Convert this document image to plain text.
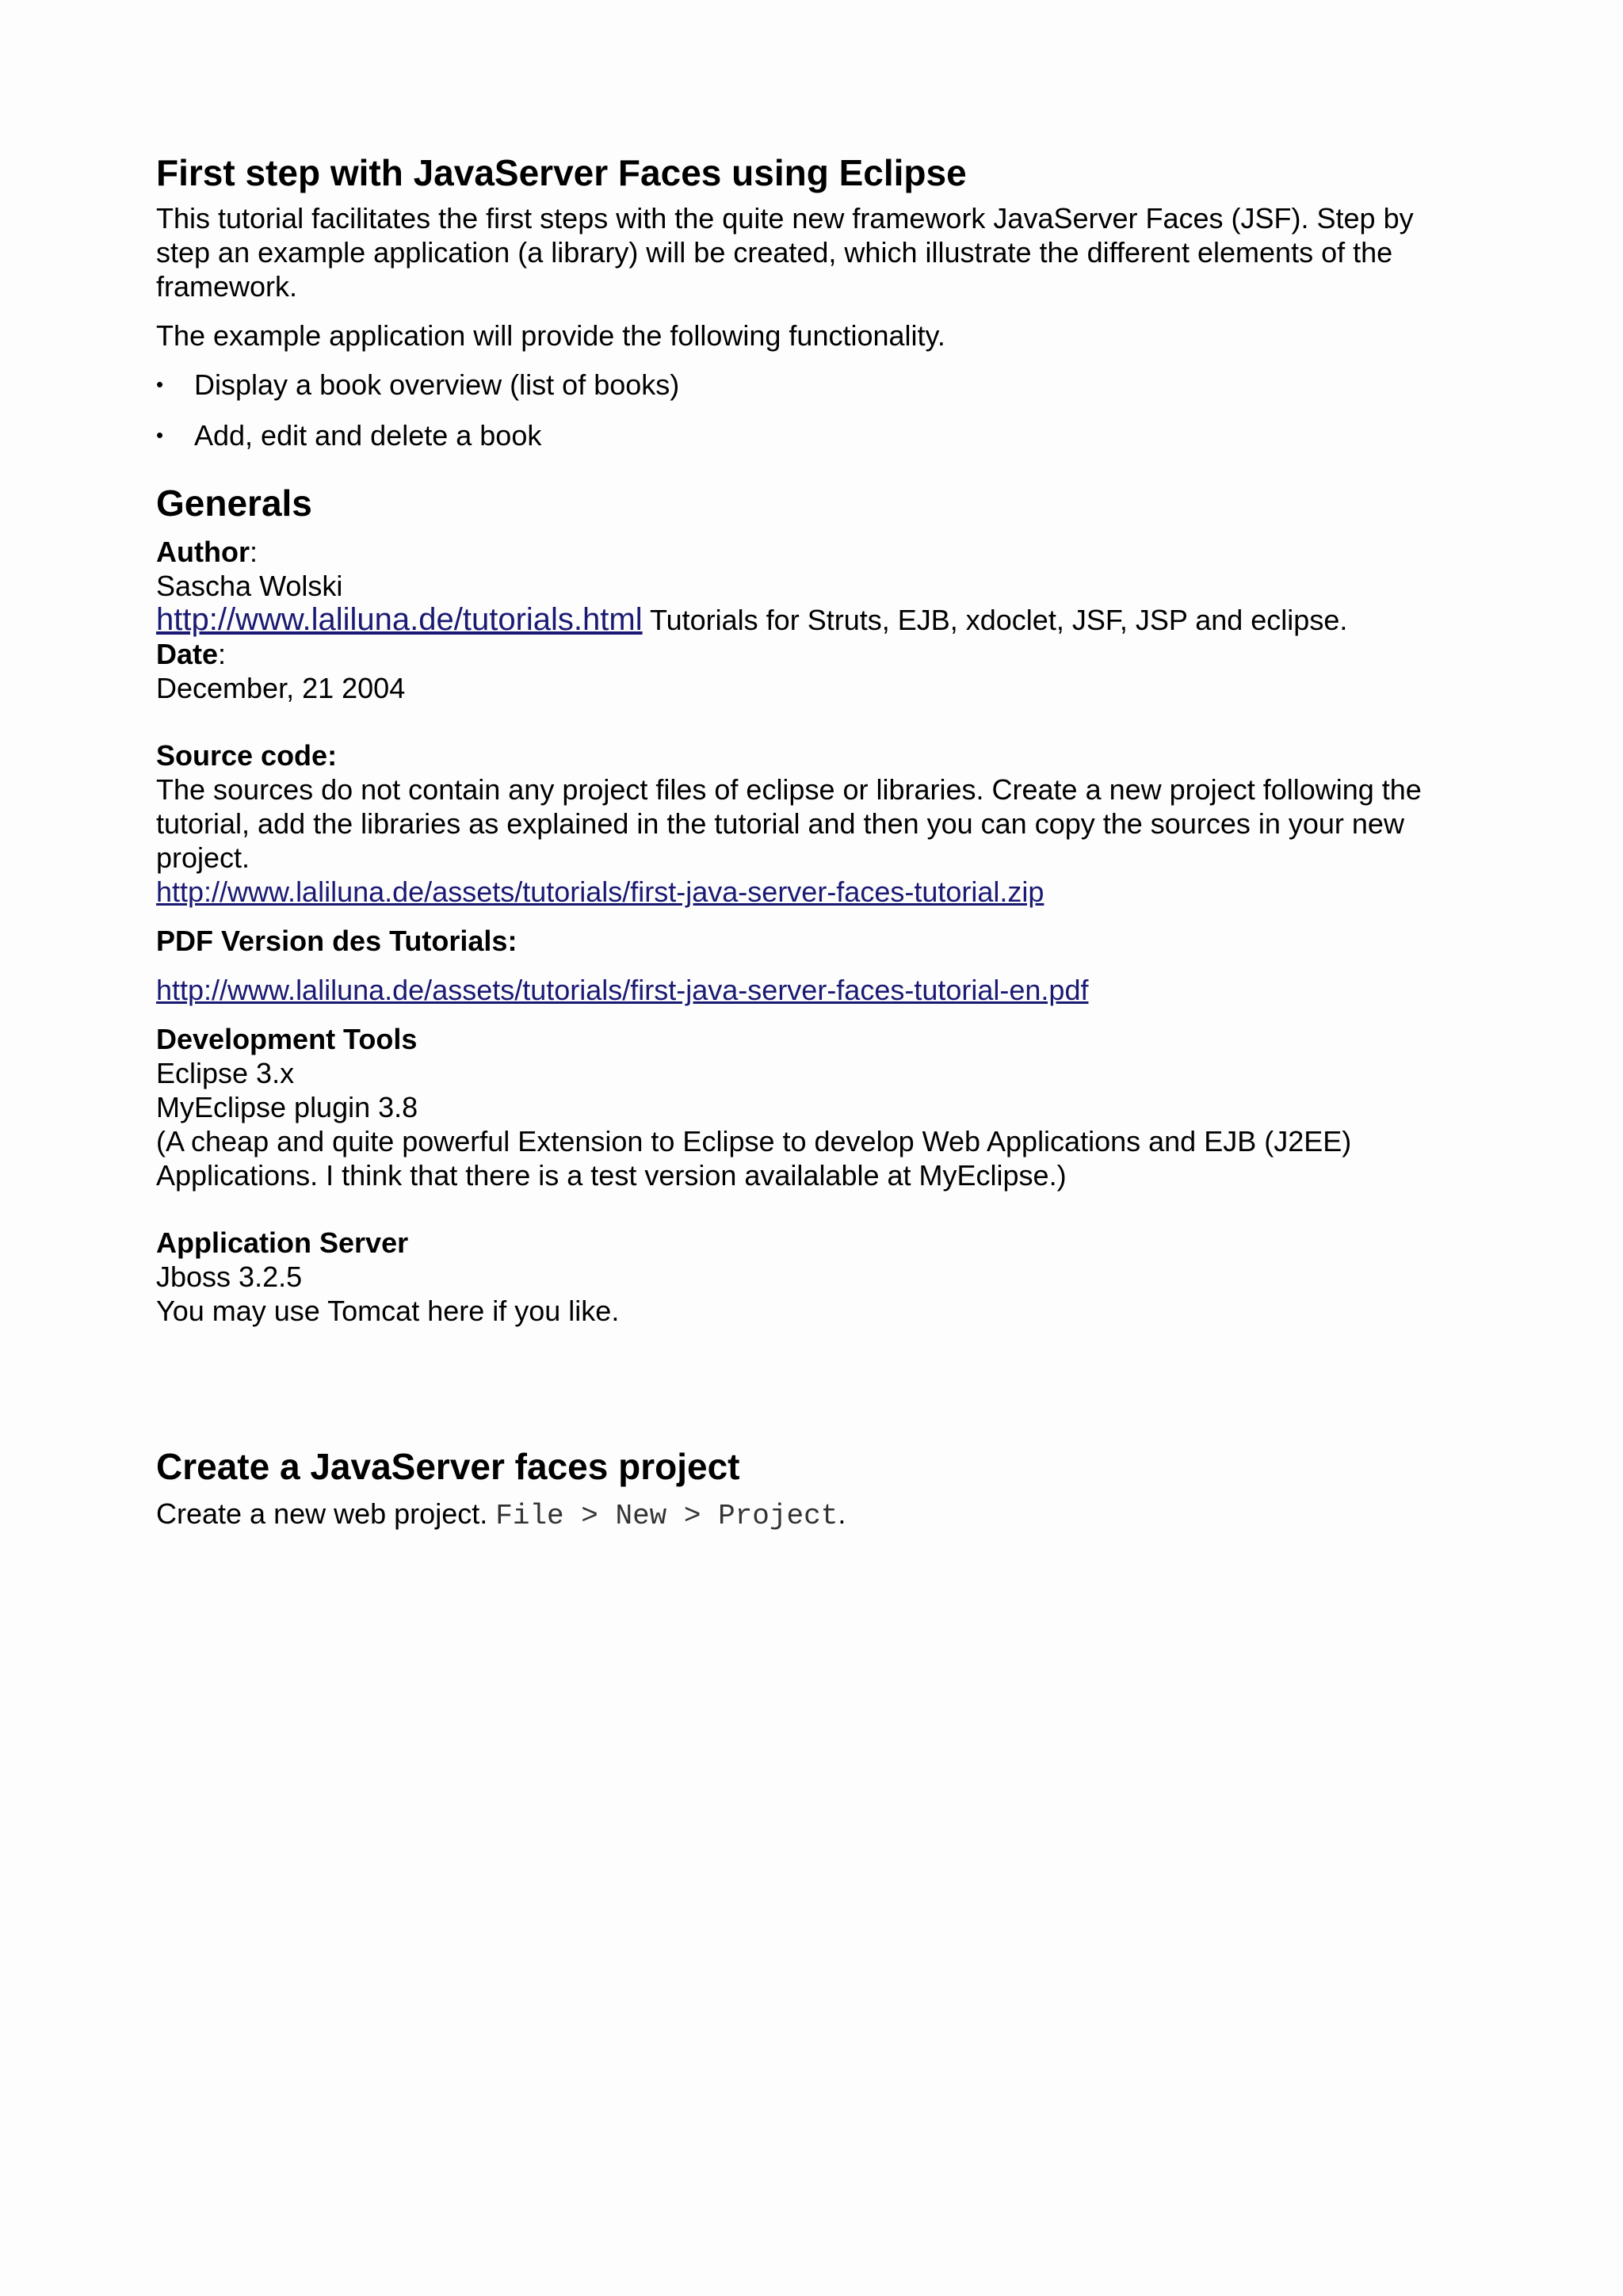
First step with JavaServer Faces using Eclipse

This tutorial facilitates the first steps with the quite new framework JavaServer Faces (JSF). Step by step an example application (a library) will be created, which illustrate the different elements of the framework.

The example application will provide the following functionality.

• Display a book overview (list of books)
• Add, edit and delete a book
Generals

Author:

Sascha Wolski

http://www.laliluna.de/tutorials.html Tutorials for Struts, EJB, xdoclet, JSF, JSP and eclipse.

Date:

December, 21 2004

Source code:

The sources do not contain any project files of eclipse or libraries. Create a new project following the tutorial, add the libraries as explained in the tutorial and then you can copy the sources in your new project.

http://www.laliluna.de/assets/tutorials/first-java-server-faces-tutorial.zip

PDF Version des Tutorials:

http://www.laliluna.de/assets/tutorials/first-java-server-faces-tutorial-en.pdf

Development Tools

Eclipse 3.x

MyEclipse plugin 3.8

(A cheap and quite powerful Extension to Eclipse to develop Web Applications and EJB (J2EE) Applications. I think that there is a test version availalable at MyEclipse.)

Application Server

Jboss 3.2.5

You may use Tomcat here if you like.

Create a JavaServer faces project

Create a new web project. File > New > Project.
